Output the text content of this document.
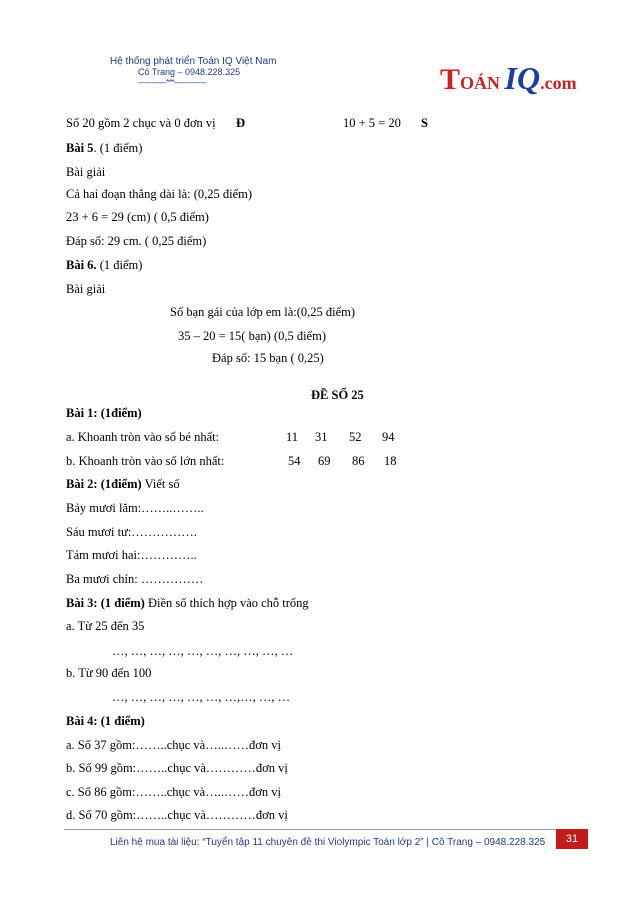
Hệ thống phát triển Toán IQ Việt Nam
Cô Trang – 0948.228.325
-------------***---------------	TOÁN IQ.com
Số 20 gồm 2 chục và 0 đơn vị Đ	10 + 5 = 20 S
Bài 5. (1 điểm)
Bài giải
Cả hai đoạn thẳng dài là: (0,25 điểm)
23 + 6 = 29 (cm) ( 0,5 điểm)
Đáp số: 29 cm. ( 0,25 điểm)
Bài 6. (1 điểm)
Bài giải
Số bạn gái của lớp em là:(0,25 điểm)
35 – 20 = 15( bạn) (0,5 điểm)
Đáp số: 15 bạn ( 0,25)
ĐỀ SỐ 25
Bài 1: (1điểm)
a. Khoanh tròn vào số bé nhất:	11 31 52 94
b. Khoanh tròn vào số lớn nhất:	54 69 86 18
Bài 2: (1điểm) Viết số
Bảy mươi lăm:……..……..
Sáu mươi tư:…………….
Tám mươi hai:…………..
Ba mươi chín: ……………
Bài 3: (1 điểm) Điền số thích hợp vào chỗ trống
a. Từ 25 đến 35
…, …, …, …, …, …, …, …, …, …
b. Từ 90 đến 100
…, …, …, …, …, …, …,…, …, …
Bài 4: (1 điểm)
a. Số 37 gồm:……..chục và…..……đơn vị
b. Số 99 gồm:……..chục và…………đơn vị
c. Số 86 gồm:……..chục và…..……đơn vị
d. Số 70 gồm:……..chục và…………đơn vị
Liên hệ mua tài liệu: “Tuyển tập 11 chuyên đề thi Violympic Toán lớp 2” | Cô Trang – 0948.228.325	31
